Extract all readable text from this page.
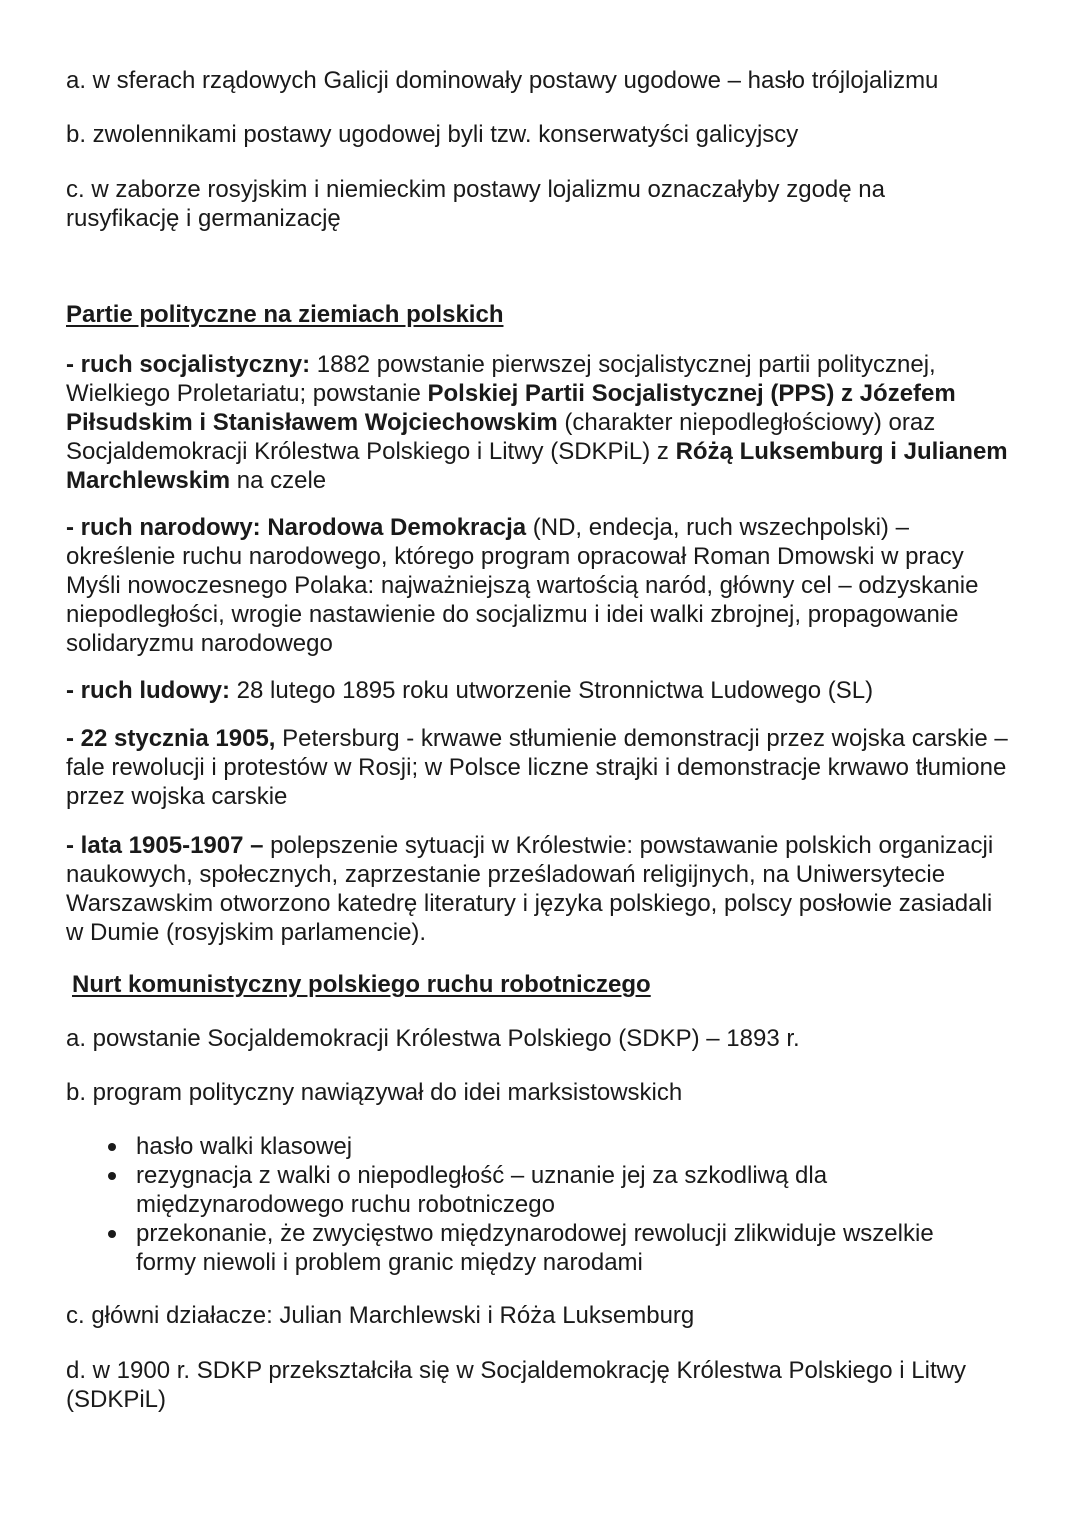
a. w sferach rządowych Galicji dominowały postawy ugodowe – hasło trójlojalizmu

b. zwolennikami postawy ugodowej byli tzw. konserwatyści galicyjscy

c. w zaborze rosyjskim i niemieckim postawy lojalizmu oznaczałyby zgodę na rusyfikację i germanizację

Partie polityczne na ziemiach polskich

- ruch socjalistyczny: 1882 powstanie pierwszej socjalistycznej partii politycznej, Wielkiego Proletariatu; powstanie Polskiej Partii Socjalistycznej (PPS) z Józefem Piłsudskim i Stanisławem Wojciechowskim (charakter niepodległościowy) oraz Socjaldemokracji Królestwa Polskiego i Litwy (SDKPiL) z Różą Luksemburg i Julianem Marchlewskim na czele

- ruch narodowy: Narodowa Demokracja (ND, endecja, ruch wszechpolski) – określenie ruchu narodowego, którego program opracował Roman Dmowski w pracy Myśli nowoczesnego Polaka: najważniejszą wartością naród, główny cel – odzyskanie niepodległości, wrogie nastawienie do socjalizmu i idei walki zbrojnej, propagowanie solidaryzmu narodowego

- ruch ludowy: 28 lutego 1895 roku utworzenie Stronnictwa Ludowego (SL)

- 22 stycznia 1905, Petersburg - krwawe stłumienie demonstracji przez wojska carskie – fale rewolucji i protestów w Rosji; w Polsce liczne strajki i demonstracje krwawo tłumione przez wojska carskie

- lata 1905-1907 – polepszenie sytuacji w Królestwie: powstawanie polskich organizacji naukowych, społecznych, zaprzestanie prześladowań religijnych, na Uniwersytecie Warszawskim otworzono katedrę literatury i języka polskiego, polscy posłowie zasiadali w Dumie (rosyjskim parlamencie).

Nurt komunistyczny polskiego ruchu robotniczego

a. powstanie Socjaldemokracji Królestwa Polskiego (SDKP) – 1893 r.

b. program polityczny nawiązywał do idei marksistowskich

hasło walki klasowej
rezygnacja z walki o niepodległość – uznanie jej za szkodliwą dla międzynarodowego ruchu robotniczego
przekonanie, że zwycięstwo międzynarodowej rewolucji zlikwiduje wszelkie formy niewoli i problem granic między narodami

c. główni działacze: Julian Marchlewski i Róża Luksemburg

d. w 1900 r. SDKP przekształciła się w Socjaldemokrację Królestwa Polskiego i Litwy (SDKPiL)
